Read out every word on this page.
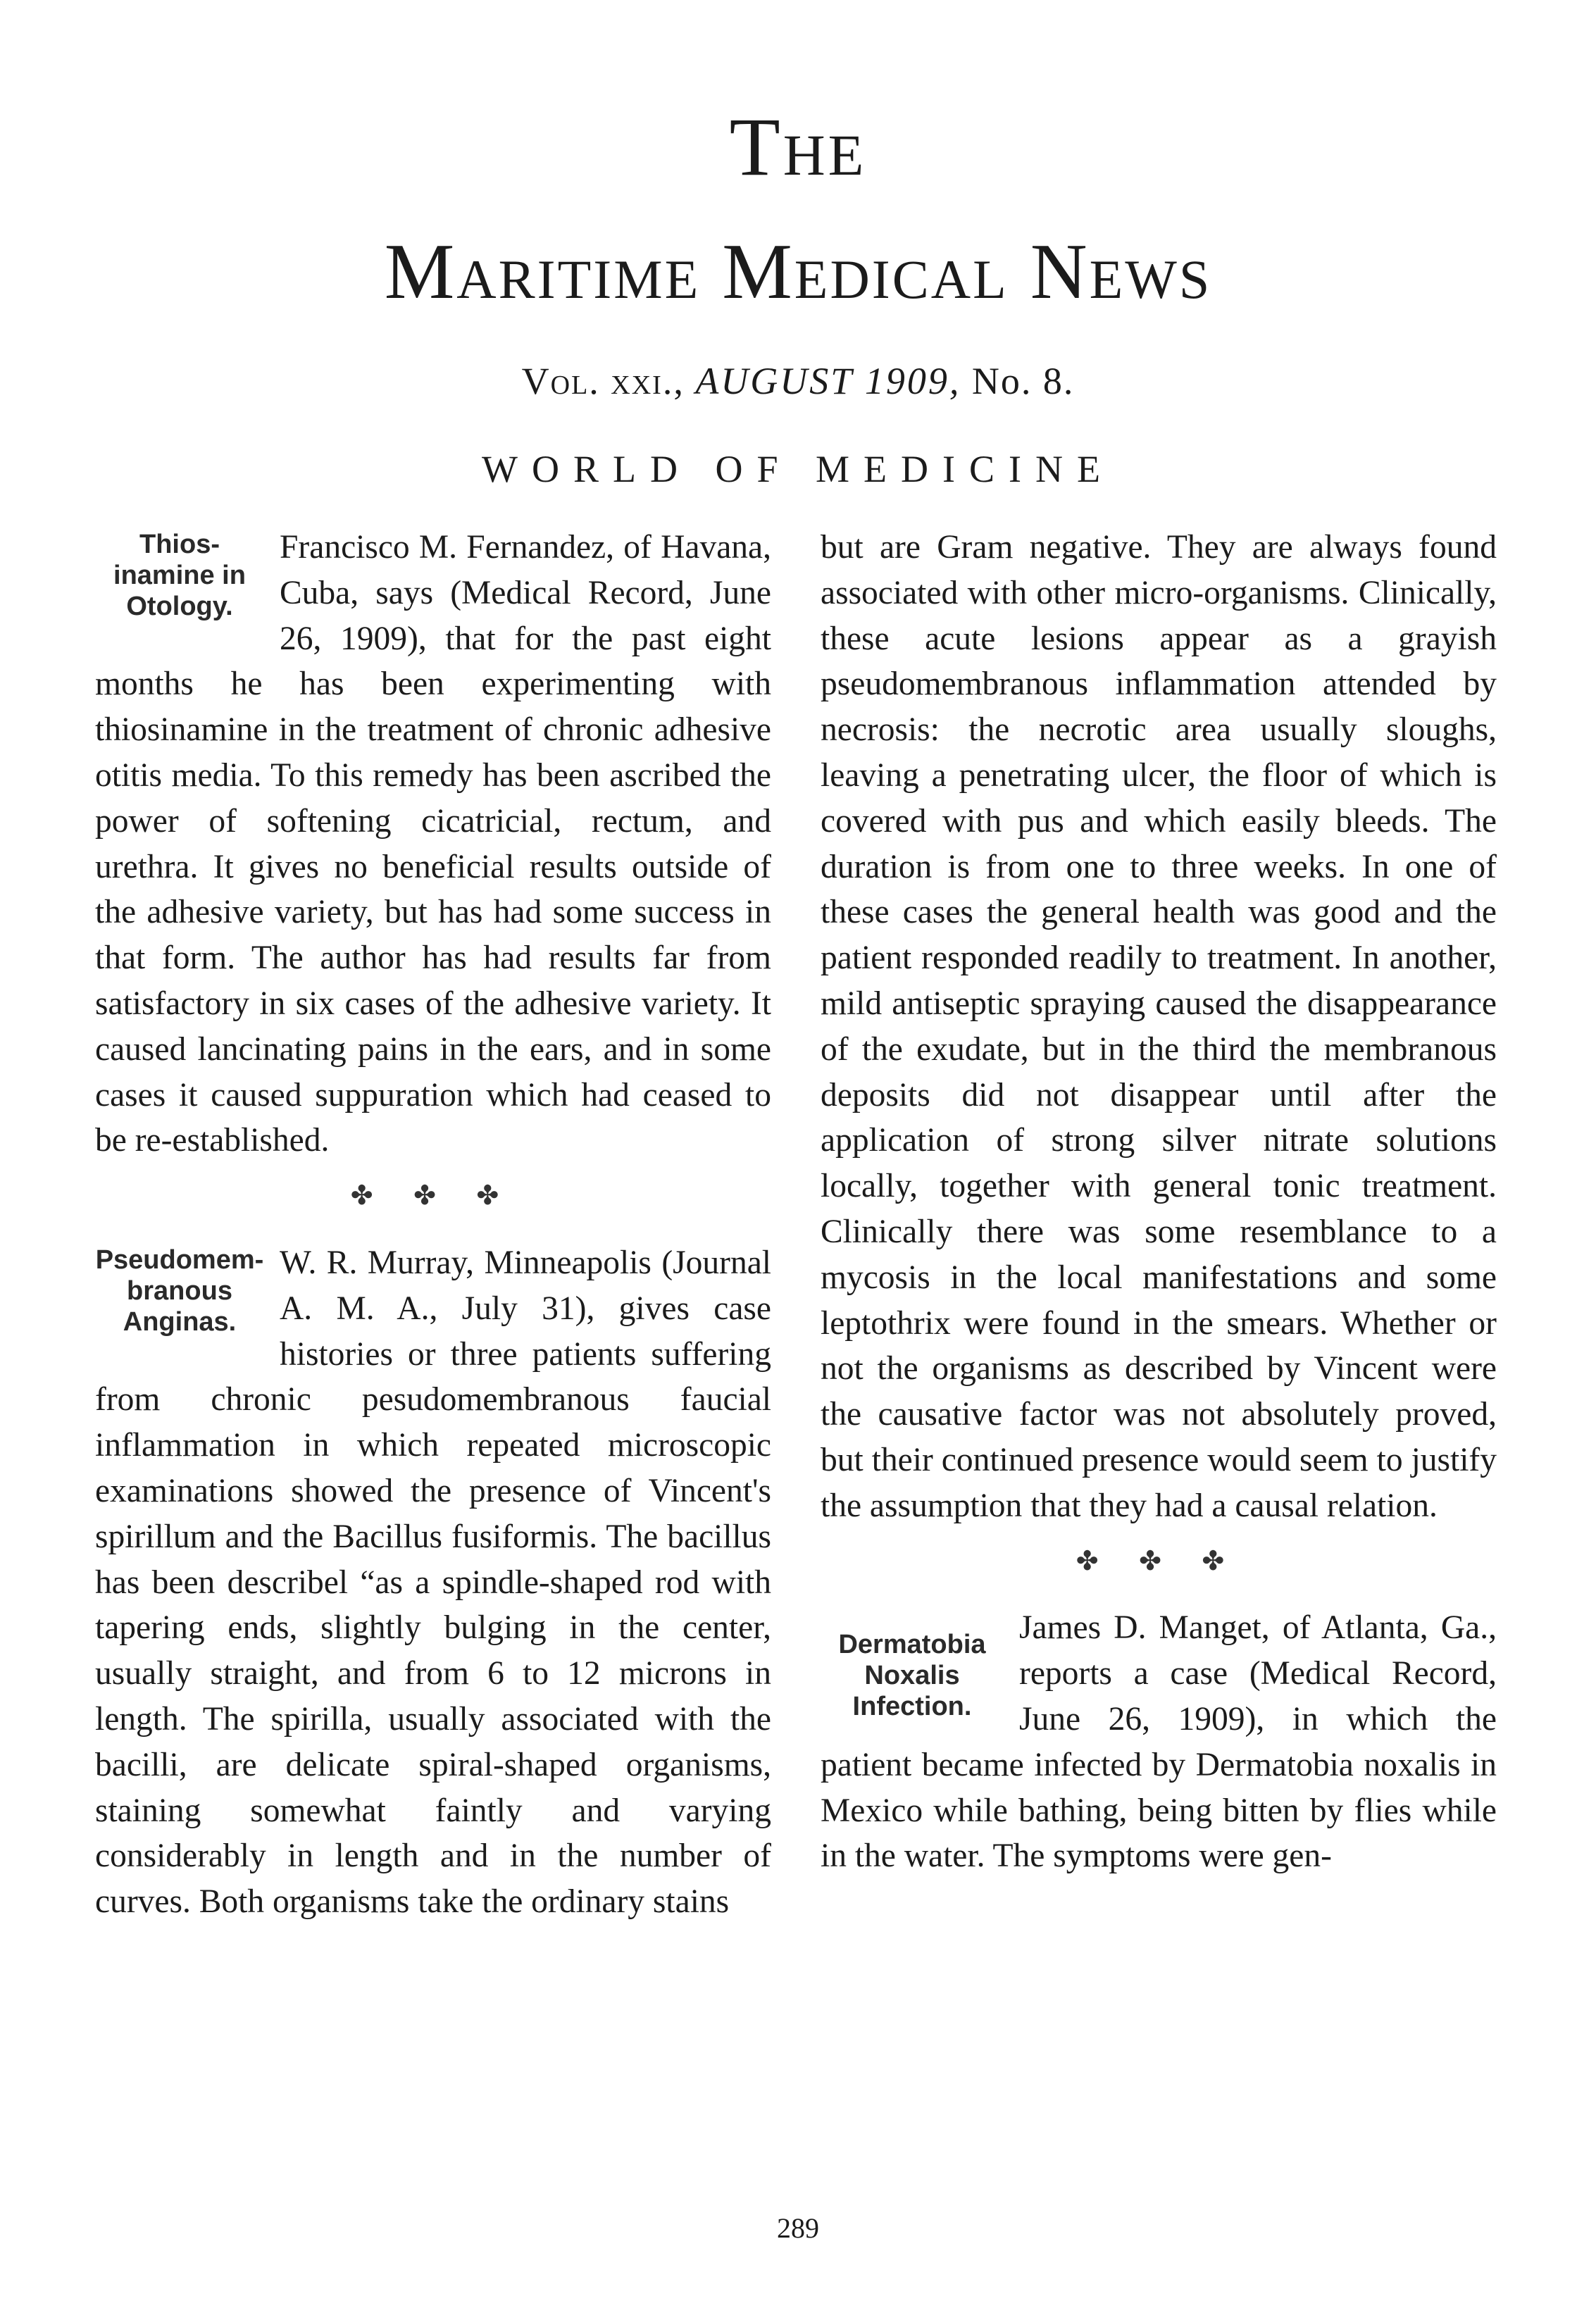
The
Maritime Medical News
Vol. xxi., AUGUST 1909, No. 8.
WORLD OF MEDICINE
Thios-inamine in Otology.

Francisco M. Fernandez, of Havana, Cuba, says (Medical Record, June 26, 1909), that for the past eight months he has been experimenting with thiosinamine in the treatment of chronic adhesive otitis media. To this remedy has been ascribed the power of softening cicatricial, rectum, and urethra. It gives no beneficial results outside of the adhesive variety, but has had some success in that form. The author has had results far from satisfactory in six cases of the adhesive variety. It caused lancinating pains in the ears, and in some cases it caused suppuration which had ceased to be re-established.

✤ ✤ ✤
Pseudomem-branous Anginas.

W. R. Murray, Minneapolis (Journal A. M. A., July 31), gives case histories or three patients suffering from chronic pesudomembranous faucial inflammation in which repeated microscopic examinations showed the presence of Vincent's spirillum and the Bacillus fusiformis. The bacillus has been describel “as a spindle-shaped rod with tapering ends, slightly bulging in the center, usually straight, and from 6 to 12 microns in length. The spirilla, usually associated with the bacilli, are delicate spiral-shaped organisms, staining somewhat faintly and varying considerably in length and in the number of curves. Both organisms take the ordinary stains

but are Gram negative. They are always found associated with other micro-organisms. Clinically, these acute lesions appear as a grayish pseudomembranous inflammation attended by necrosis: the necrotic area usually sloughs, leaving a penetrating ulcer, the floor of which is covered with pus and which easily bleeds. The duration is from one to three weeks. In one of these cases the general health was good and the patient responded readily to treatment. In another, mild antiseptic spraying caused the disappearance of the exudate, but in the third the membranous deposits did not disappear until after the application of strong silver nitrate solutions locally, together with general tonic treatment. Clinically there was some resemblance to a mycosis in the local manifestations and some leptothrix were found in the smears. Whether or not the organisms as described by Vincent were the causative factor was not absolutely proved, but their continued presence would seem to justify the assumption that they had a causal relation.

✤ ✤ ✤
Dermatobia Noxalis Infection.

James D. Manget, of Atlanta, Ga., reports a case (Medical Record, June 26, 1909), in which the patient became infected by Dermatobia noxalis in Mexico while bathing, being bitten by flies while in the water. The symptoms were gen-

289
